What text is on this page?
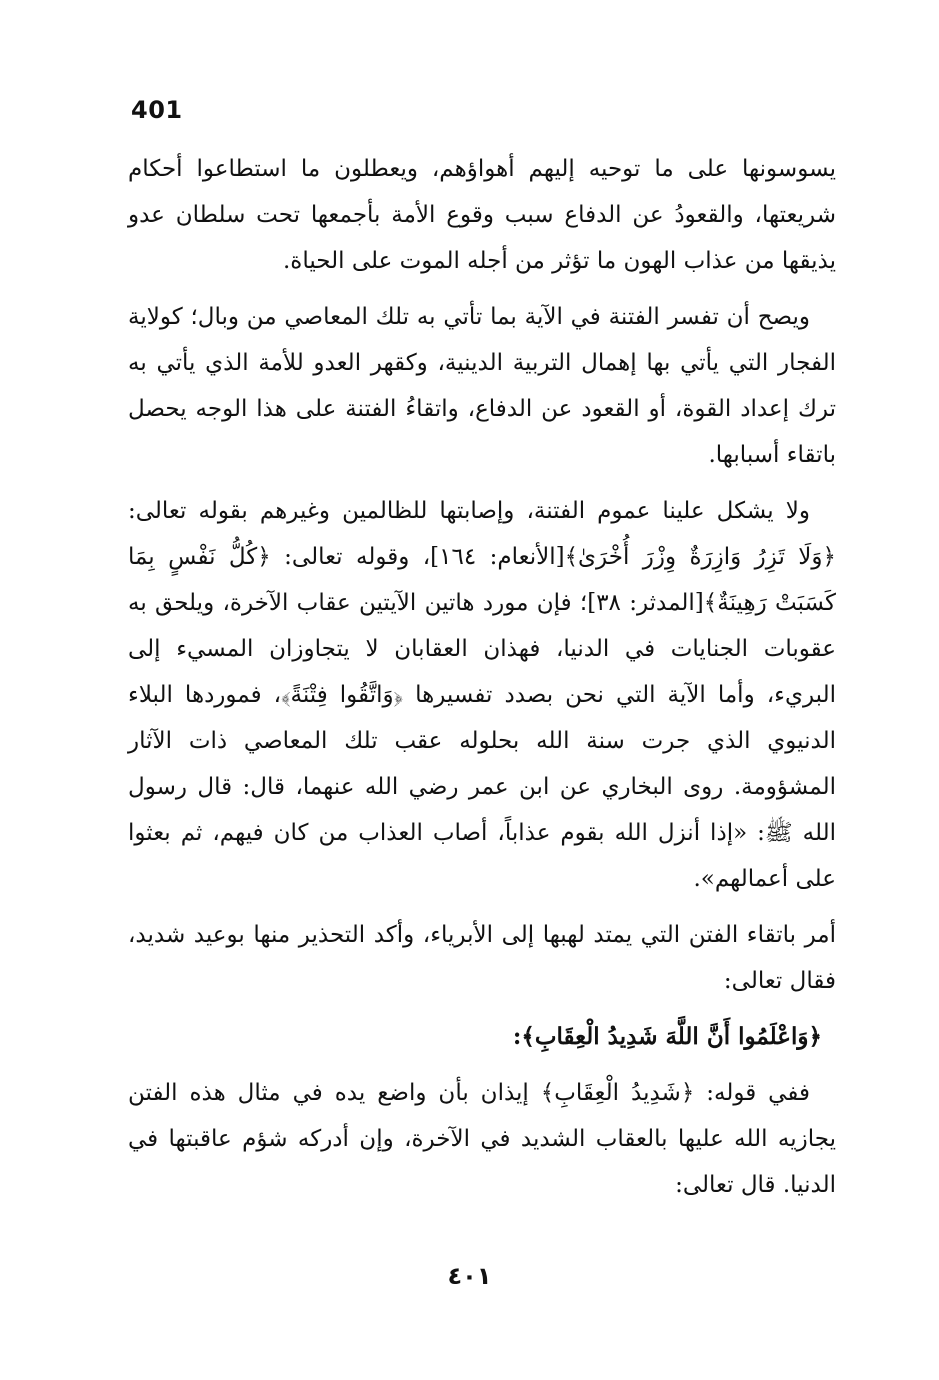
401

يسوسونها على ما توحيه إليهم أهواؤهم، ويعطلون ما استطاعوا أحكام شريعتها، والقعودُ عن الدفاع سبب وقوع الأمة بأجمعها تحت سلطان عدو يذيقها من عذاب الهون ما تؤثر من أجله الموت على الحياة.

ويصح أن تفسر الفتنة في الآية بما تأتي به تلك المعاصي من وبال؛ كولاية الفجار التي يأتي بها إهمال التربية الدينية، وكقهر العدو للأمة الذي يأتي به ترك إعداد القوة، أو القعود عن الدفاع، واتقاءُ الفتنة على هذا الوجه يحصل باتقاء أسبابها.

ولا يشكل علينا عموم الفتنة، وإصابتها للظالمين وغيرهم بقوله تعالى: ﴿وَلَا تَزِرُ وَازِرَةٌ وِزْرَ أُخْرَىٰ﴾[الأنعام: ١٦٤]، وقوله تعالى: ﴿كُلُّ نَفْسٍ بِمَا كَسَبَتْ رَهِينَةٌ﴾[المدثر: ٣٨]؛ فإن مورد هاتين الآيتين عقاب الآخرة، ويلحق به عقوبات الجنايات في الدنيا، فهذان العقابان لا يتجاوزان المسيء إلى البريء، وأما الآية التي نحن بصدد تفسيرها ﴿وَاتَّقُوا فِتْنَةً﴾، فموردها البلاء الدنيوي الذي جرت سنة الله بحلوله عقب تلك المعاصي ذات الآثار المشؤومة. روى البخاري عن ابن عمر رضي الله عنهما، قال: قال رسول الله ﷺ: «إذا أنزل الله بقوم عذاباً، أصاب العذاب من كان فيهم، ثم بعثوا على أعمالهم».

أمر باتقاء الفتن التي يمتد لهبها إلى الأبرياء، وأكد التحذير منها بوعيد شديد، فقال تعالى:

﴿وَاعْلَمُوا أَنَّ اللَّهَ شَدِيدُ الْعِقَابِ﴾:

ففي قوله: ﴿شَدِيدُ الْعِقَابِ﴾ إيذان بأن واضع يده في مثال هذه الفتن يجازيه الله عليها بالعقاب الشديد في الآخرة، وإن أدركه شؤم عاقبتها في الدنيا. قال تعالى:

٤٠١
